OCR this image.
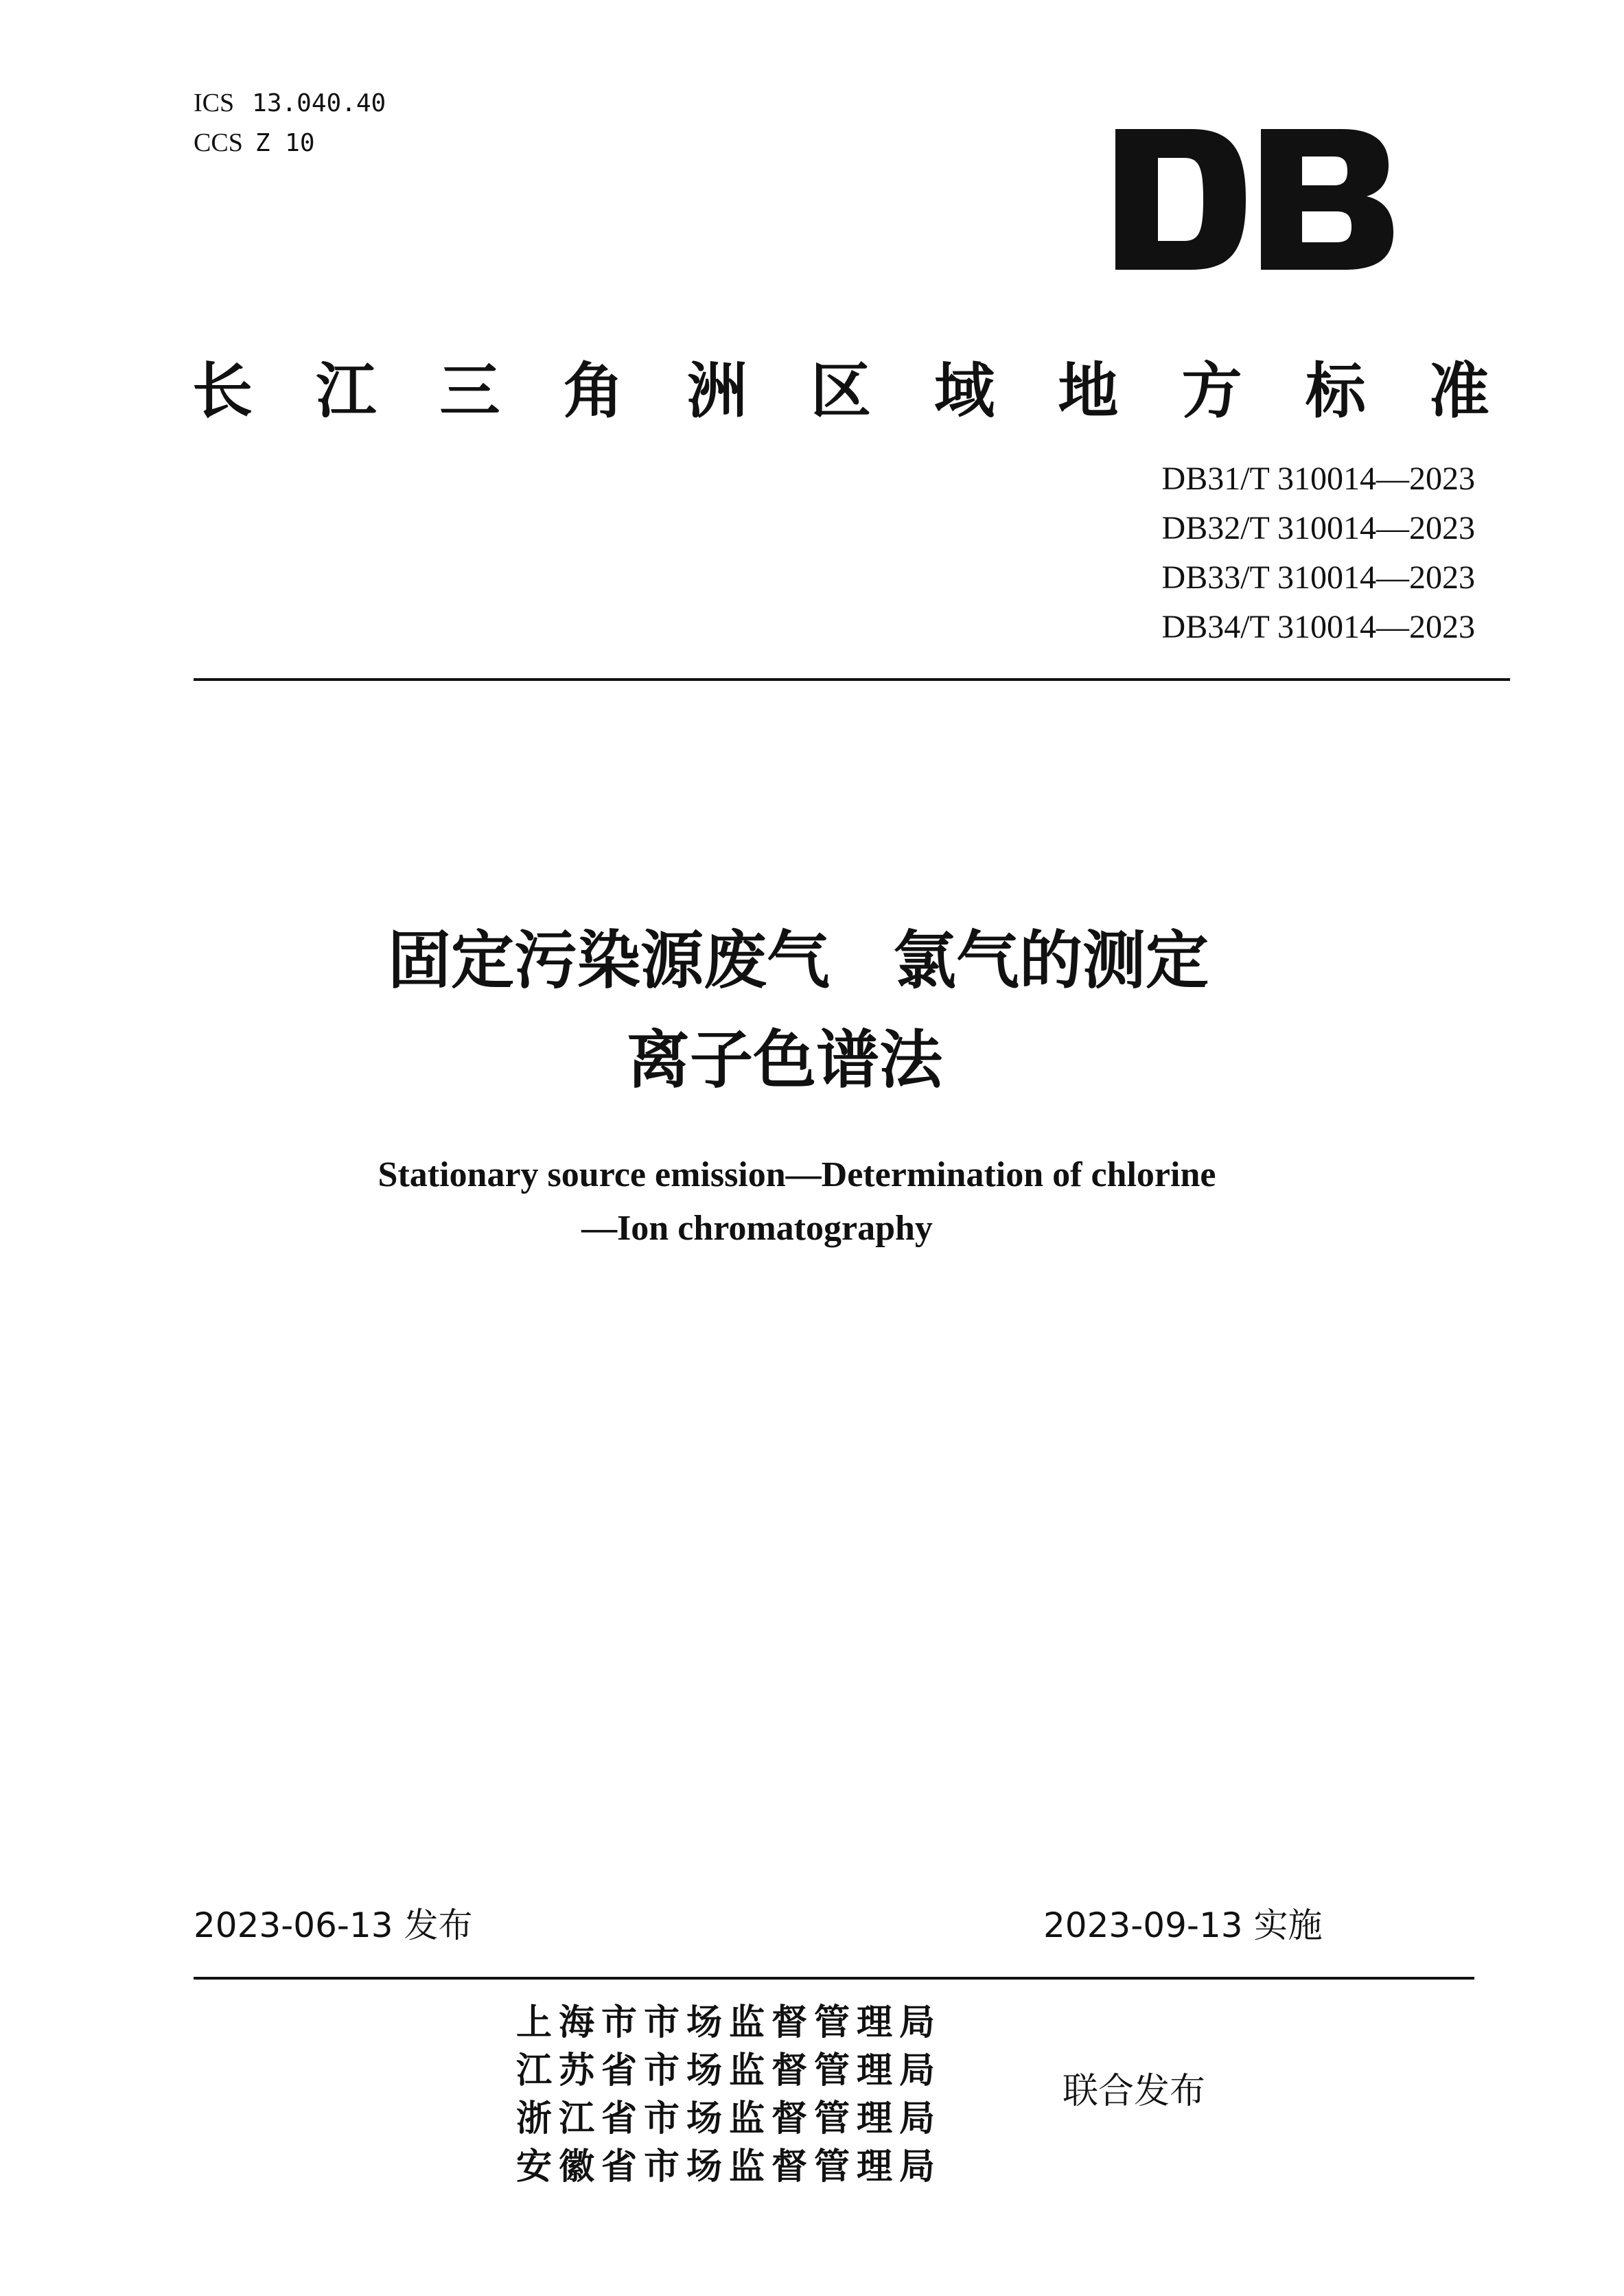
ICS 13.040.40
CCS Z 10
长 江 三 角 洲 区 域 地 方 标 准
DB31/T 310014—2023
DB32/T 310014—2023
DB33/T 310014—2023
DB34/T 310014—2023
固定污染源废气　氯气的测定
离子色谱法
Stationary source emission—Determination of chlorine
—Ion chromatography
2023-06-13 发布	2023-09-13 实施
上海市市场监督管理局
江苏省市场监督管理局
浙江省市场监督管理局
安徽省市场监督管理局
联合发布
